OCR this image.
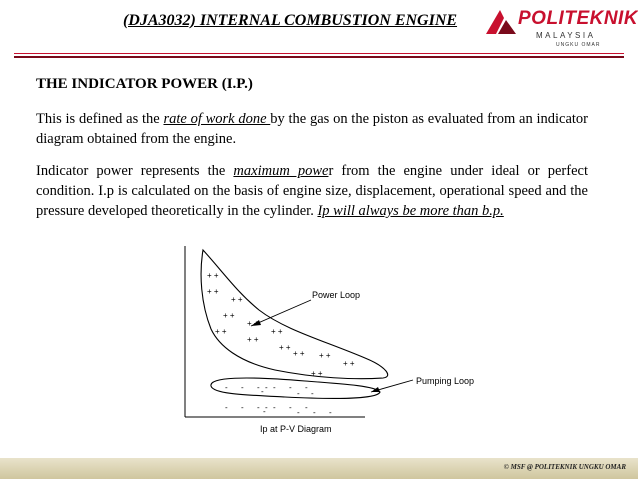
(DJA3032) INTERNAL COMBUSTION ENGINE	POLITEKNIK
MALAYSIA
UNGKU OMAR
THE INDICATOR POWER (I.P.)

This is defined as the rate of work done by the gas on the piston as evaluated from an indicator diagram obtained from the engine.

Indicator power represents the maximum power from the engine under ideal or perfect condition. I.p is calculated on the basis of engine size, displacement, operational speed and the pressure developed theoretically in the cylinder. Ip will always be more than b.p.

Power Loop
Pumping Loop
Ip at P-V Diagram
+ +
+ +
+ +
+ +
+ +
+ +
+ +
+ +
+ +
+ + + +
+ +
+ +
- - - - - - -
-	- -
- - - - - - -
-	- - -
© MSF @ POLITEKNIK UNGKU OMAR
